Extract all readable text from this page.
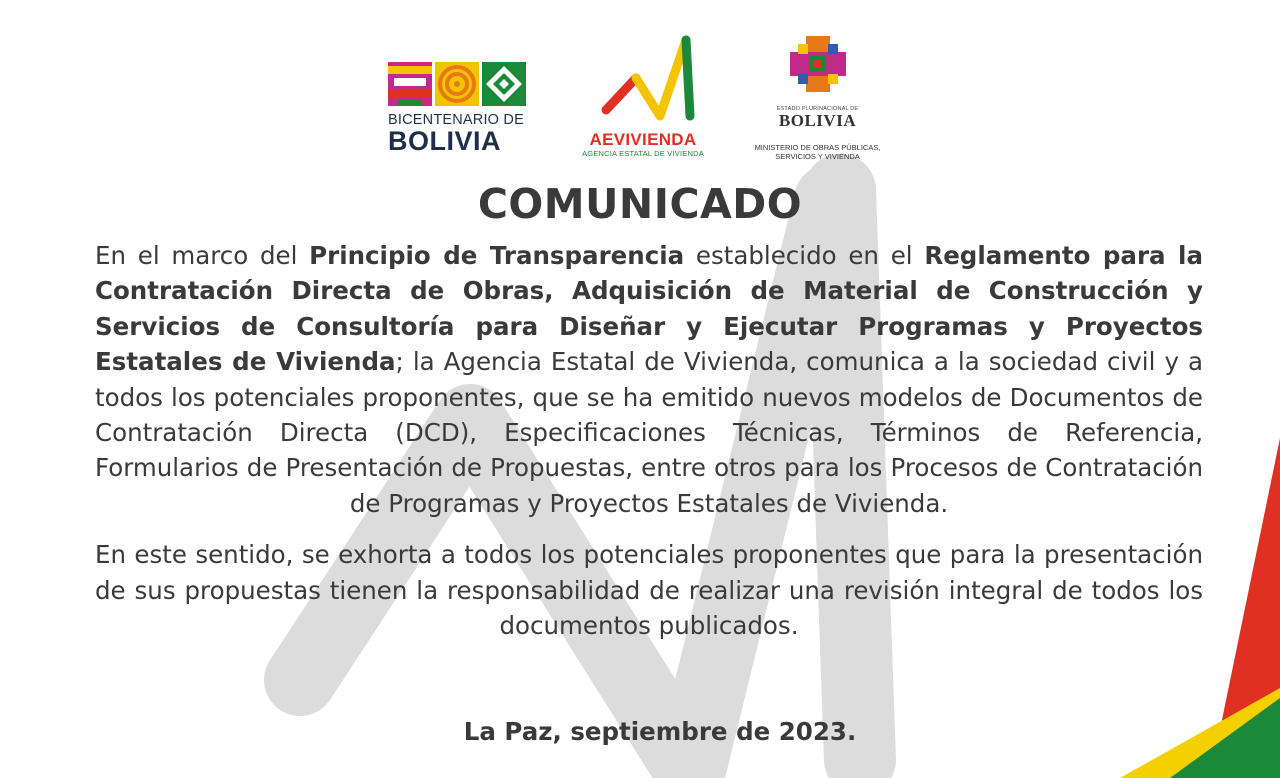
BICENTENARIO DE
BOLIVIA	AEVIVIENDA
AGENCIA ESTATAL DE VIVIENDA
ESTADO PLURINACIONAL DE
BOLIVIA
MINISTERIO DE OBRAS PÚBLICAS,
SERVICIOS Y VIVIENDA
COMUNICADO

En el marco del Principio de Transparencia establecido en el Reglamento para la Contratación Directa de Obras, Adquisición de Material de Construcción y Servicios de Consultoría para Diseñar y Ejecutar Programas y Proyectos Estatales de Vivienda; la Agencia Estatal de Vivienda, comunica a la sociedad civil y a todos los potenciales proponentes, que se ha emitido nuevos modelos de Documentos de Contratación Directa (DCD), Especificaciones Técnicas, Términos de Referencia, Formularios de Presentación de Propuestas, entre otros para los Procesos de Contratación de Programas y Proyectos Estatales de Vivienda.

En este sentido, se exhorta a todos los potenciales proponentes que para la presentación de sus propuestas tienen la responsabilidad de realizar una revisión integral de todos los documentos publicados.

La Paz, septiembre de 2023.
